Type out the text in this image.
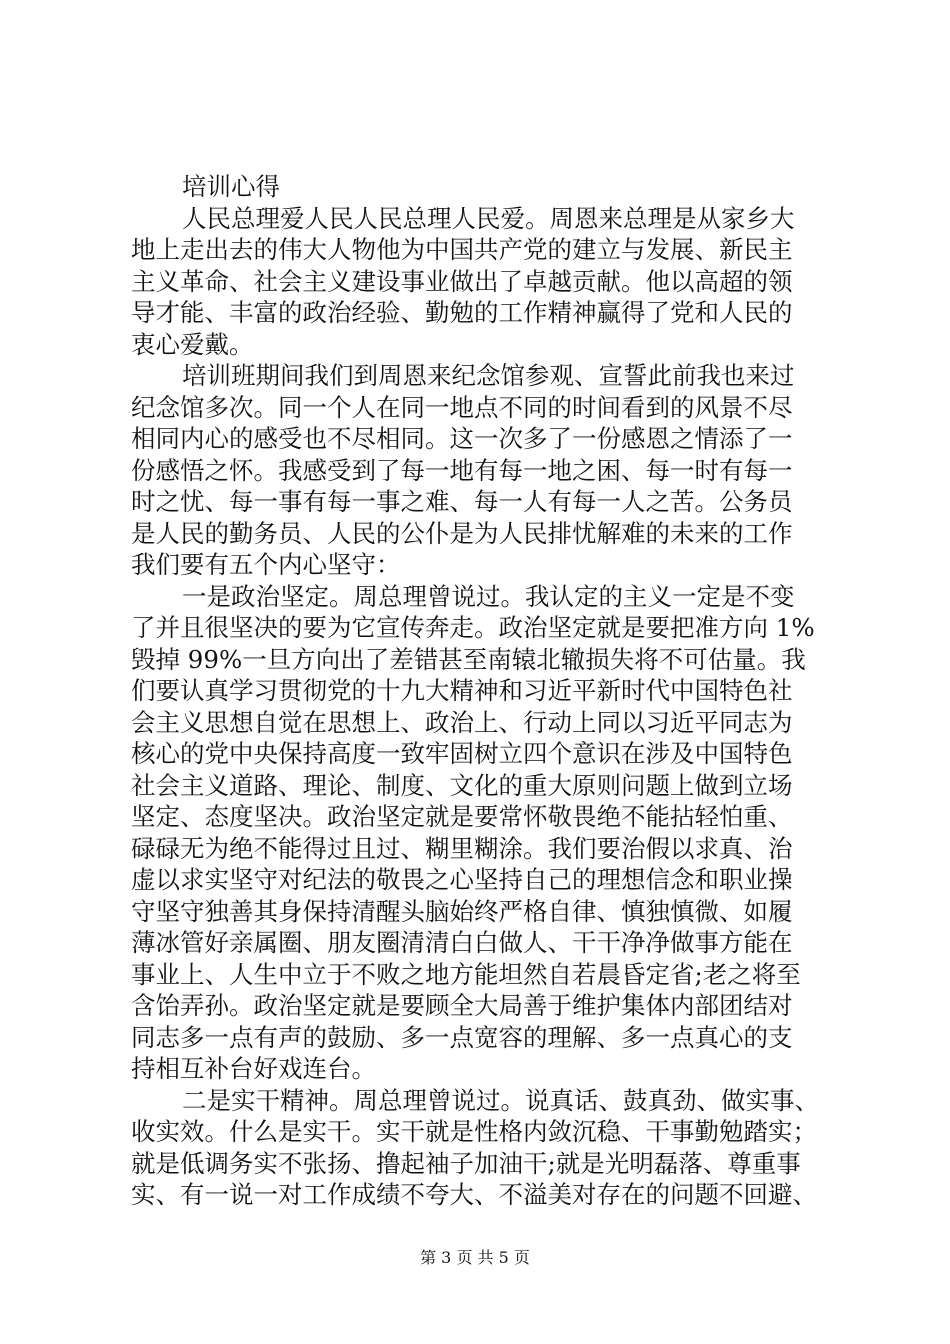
培训心得
人民总理爱人民人民总理人民爱。周恩来总理是从家乡大
地上走出去的伟大人物他为中国共产党的建立与发展、新民主
主义革命、社会主义建设事业做出了卓越贡献。他以高超的领
导才能、丰富的政治经验、勤勉的工作精神赢得了党和人民的
衷心爱戴。
培训班期间我们到周恩来纪念馆参观、宣誓此前我也来过
纪念馆多次。同一个人在同一地点不同的时间看到的风景不尽
相同内心的感受也不尽相同。这一次多了一份感恩之情添了一
份感悟之怀。我感受到了每一地有每一地之困、每一时有每一
时之忧、每一事有每一事之难、每一人有每一人之苦。公务员
是人民的勤务员、人民的公仆是为人民排忧解难的未来的工作
我们要有五个内心坚守：
一是政治坚定。周总理曾说过。我认定的主义一定是不变
了并且很坚决的要为它宣传奔走。政治坚定就是要把准方向 1%
毁掉 99%一旦方向出了差错甚至南辕北辙损失将不可估量。我
们要认真学习贯彻党的十九大精神和习近平新时代中国特色社
会主义思想自觉在思想上、政治上、行动上同以习近平同志为
核心的党中央保持高度一致牢固树立四个意识在涉及中国特色
社会主义道路、理论、制度、文化的重大原则问题上做到立场
坚定、态度坚决。政治坚定就是要常怀敬畏绝不能拈轻怕重、
碌碌无为绝不能得过且过、糊里糊涂。我们要治假以求真、治
虚以求实坚守对纪法的敬畏之心坚持自己的理想信念和职业操
守坚守独善其身保持清醒头脑始终严格自律、慎独慎微、如履
薄冰管好亲属圈、朋友圈清清白白做人、干干净净做事方能在
事业上、人生中立于不败之地方能坦然自若晨昏定省;老之将至
含饴弄孙。政治坚定就是要顾全大局善于维护集体内部团结对
同志多一点有声的鼓励、多一点宽容的理解、多一点真心的支
持相互补台好戏连台。
二是实干精神。周总理曾说过。说真话、鼓真劲、做实事、
收实效。什么是实干。实干就是性格内敛沉稳、干事勤勉踏实；
就是低调务实不张扬、撸起袖子加油干;就是光明磊落、尊重事
实、有一说一对工作成绩不夸大、不溢美对存在的问题不回避、
第 3 页 共 5 页
